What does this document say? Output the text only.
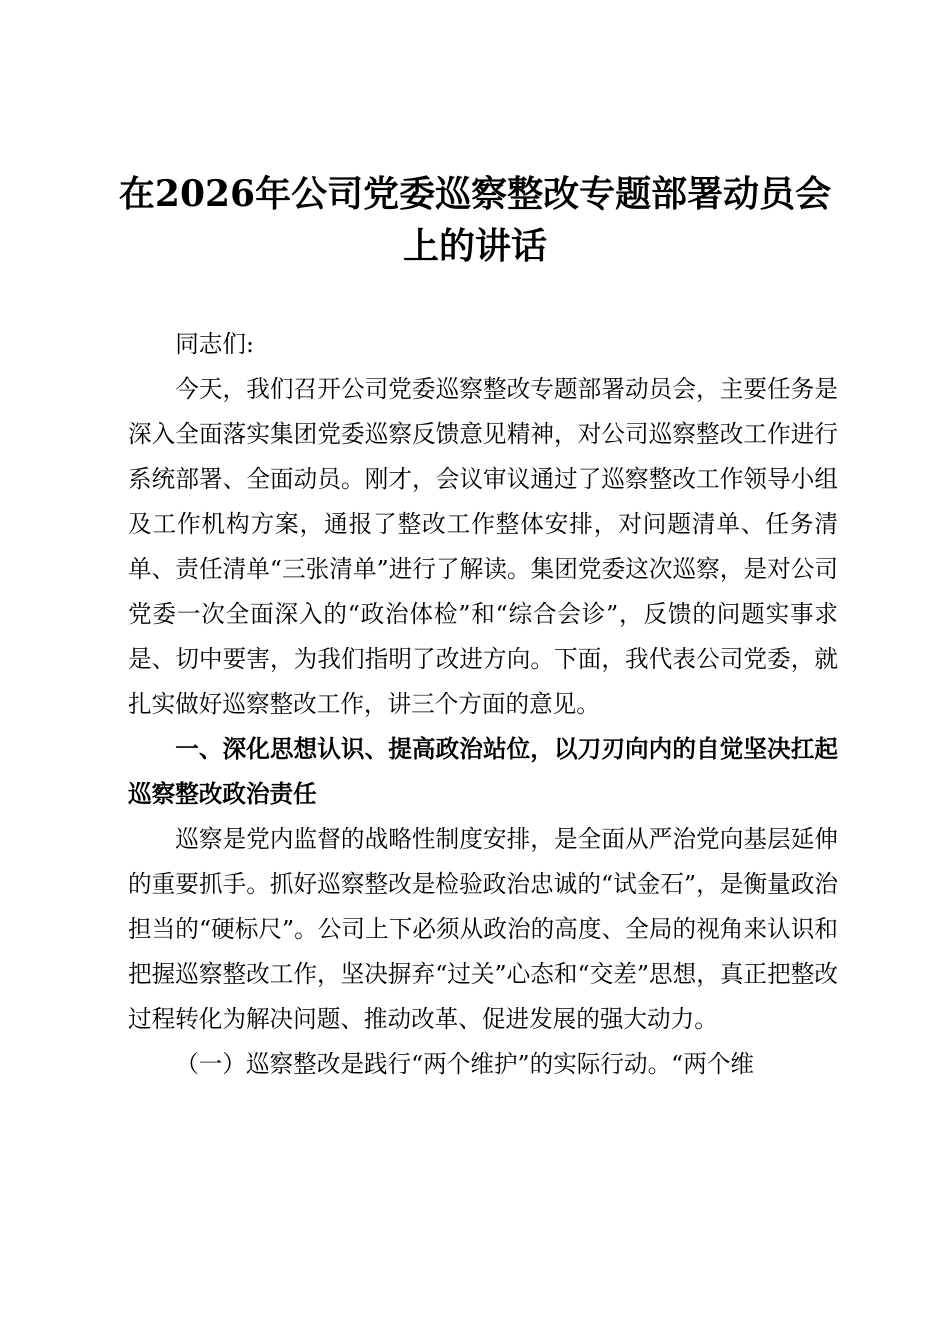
在2026年公司党委巡察整改专题部署动员会
上的讲话

同志们:

今天，我们召开公司党委巡察整改专题部署动员会，主要任务是深入全面落实集团党委巡察反馈意见精神，对公司巡察整改工作进行系统部署、全面动员。刚才，会议审议通过了巡察整改工作领导小组及工作机构方案，通报了整改工作整体安排，对问题清单、任务清单、责任清单“三张清单”进行了解读。集团党委这次巡察，是对公司党委一次全面深入的“政治体检”和“综合会诊”，反馈的问题实事求是、切中要害，为我们指明了改进方向。下面，我代表公司党委，就扎实做好巡察整改工作，讲三个方面的意见。

一、深化思想认识、提高政治站位，以刀刃向内的自觉坚决扛起巡察整改政治责任

巡察是党内监督的战略性制度安排，是全面从严治党向基层延伸的重要抓手。抓好巡察整改是检验政治忠诚的“试金石”，是衡量政治担当的“硬标尺”。公司上下必须从政治的高度、全局的视角来认识和把握巡察整改工作，坚决摒弃“过关”心态和“交差”思想，真正把整改过程转化为解决问题、推动改革、促进发展的强大动力。

（一）巡察整改是践行“两个维护”的实际行动。“两个维
